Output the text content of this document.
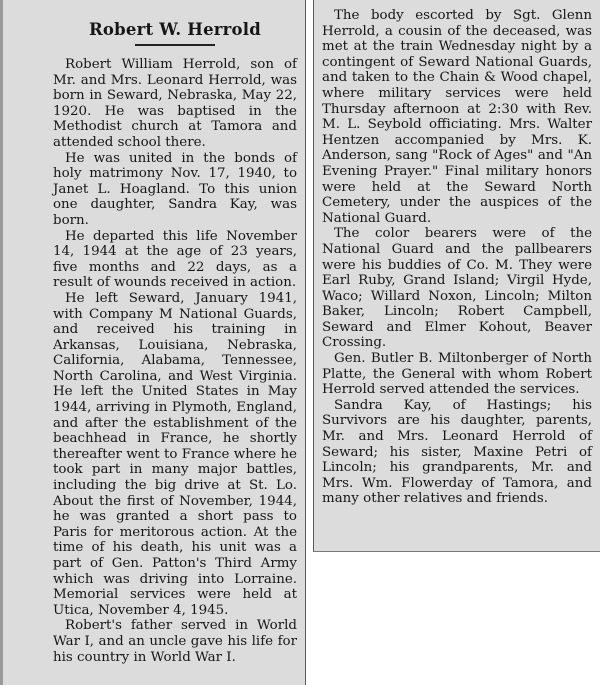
Robert W. Herrold

Robert William Herrold, son of Mr. and Mrs. Leonard Herrold, was born in Seward, Nebraska, May 22, 1920. He was baptised in the Methodist church at Tamora and attended school there.

He was united in the bonds of holy matrimony Nov. 17, 1940, to Janet L. Hoagland. To this union one daughter, Sandra Kay, was born.

He departed this life November 14, 1944 at the age of 23 years, five months and 22 days, as a result of wounds received in action.

He left Seward, January 1941, with Company M National Guards, and received his training in Arkansas, Louisiana, Nebraska, California, Alabama, Tennessee, North Carolina, and West Virginia. He left the United States in May 1944, arriving in Plymoth, England, and after the establishment of the beachhead in France, he shortly thereafter went to France where he took part in many major battles, including the big drive at St. Lo. About the first of November, 1944, he was granted a short pass to Paris for meritorous action. At the time of his death, his unit was a part of Gen. Patton's Third Army which was driving into Lorraine. Memorial services were held at Utica, November 4, 1945.

Robert's father served in World War I, and an uncle gave his life for his country in World War I.

The body escorted by Sgt. Glenn Herrold, a cousin of the deceased, was met at the train Wednesday night by a contingent of Seward National Guards, and taken to the Chain & Wood chapel, where military services were held Thursday afternoon at 2:30 with Rev. M. L. Seybold officiating. Mrs. Walter Hentzen accompanied by Mrs. K. Anderson, sang "Rock of Ages" and "An Evening Prayer." Final military honors were held at the Seward North Cemetery, under the auspices of the National Guard.

The color bearers were of the National Guard and the pallbearers were his buddies of Co. M. They were Earl Ruby, Grand Island; Virgil Hyde, Waco; Willard Noxon, Lincoln; Milton Baker, Lincoln; Robert Campbell, Seward and Elmer Kohout, Beaver Crossing.

Gen. Butler B. Miltonberger of North Platte, the General with whom Robert Herrold served attended the services.

Sandra Kay, of Hastings; his Survivors are his daughter, parents, Mr. and Mrs. Leonard Herrold of Seward; his sister, Maxine Petri of Lincoln; his grandparents, Mr. and Mrs. Wm. Flowerday of Tamora, and many other relatives and friends.
